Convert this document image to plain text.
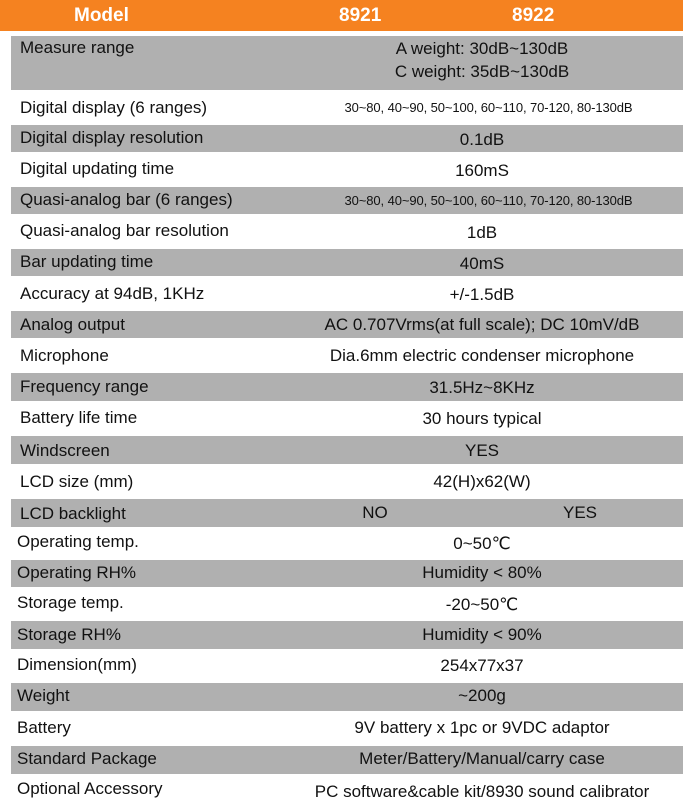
Model	8921	8922
Measure range	A weight: 30dB~130dB
C weight: 35dB~130dB
Digital display (6 ranges)	30~80, 40~90, 50~100, 60~110, 70-120, 80-130dB
Digital display resolution	0.1dB
Digital updating time	160mS
Quasi-analog bar (6 ranges)	30~80, 40~90, 50~100, 60~110, 70-120, 80-130dB
Quasi-analog bar resolution	1dB
Bar updating time	40mS
Accuracy at 94dB, 1KHz	+/-1.5dB
Analog output	AC 0.707Vrms(at full scale); DC 10mV/dB
Microphone	Dia.6mm electric condenser microphone
Frequency range	31.5Hz~8KHz
Battery life time	30 hours typical
Windscreen	YES
LCD size (mm)	42(H)x62(W)
LCD backlight	NO	YES
Operating temp.	0~50℃
Operating RH%	Humidity < 80%
Storage temp.	-20~50℃
Storage RH%	Humidity < 90%
Dimension(mm)	254x77x37
Weight	~200g
Battery	9V battery x 1pc or 9VDC adaptor
Standard Package	Meter/Battery/Manual/carry case
Optional Accessory	PC software&cable kit/8930 sound calibrator
